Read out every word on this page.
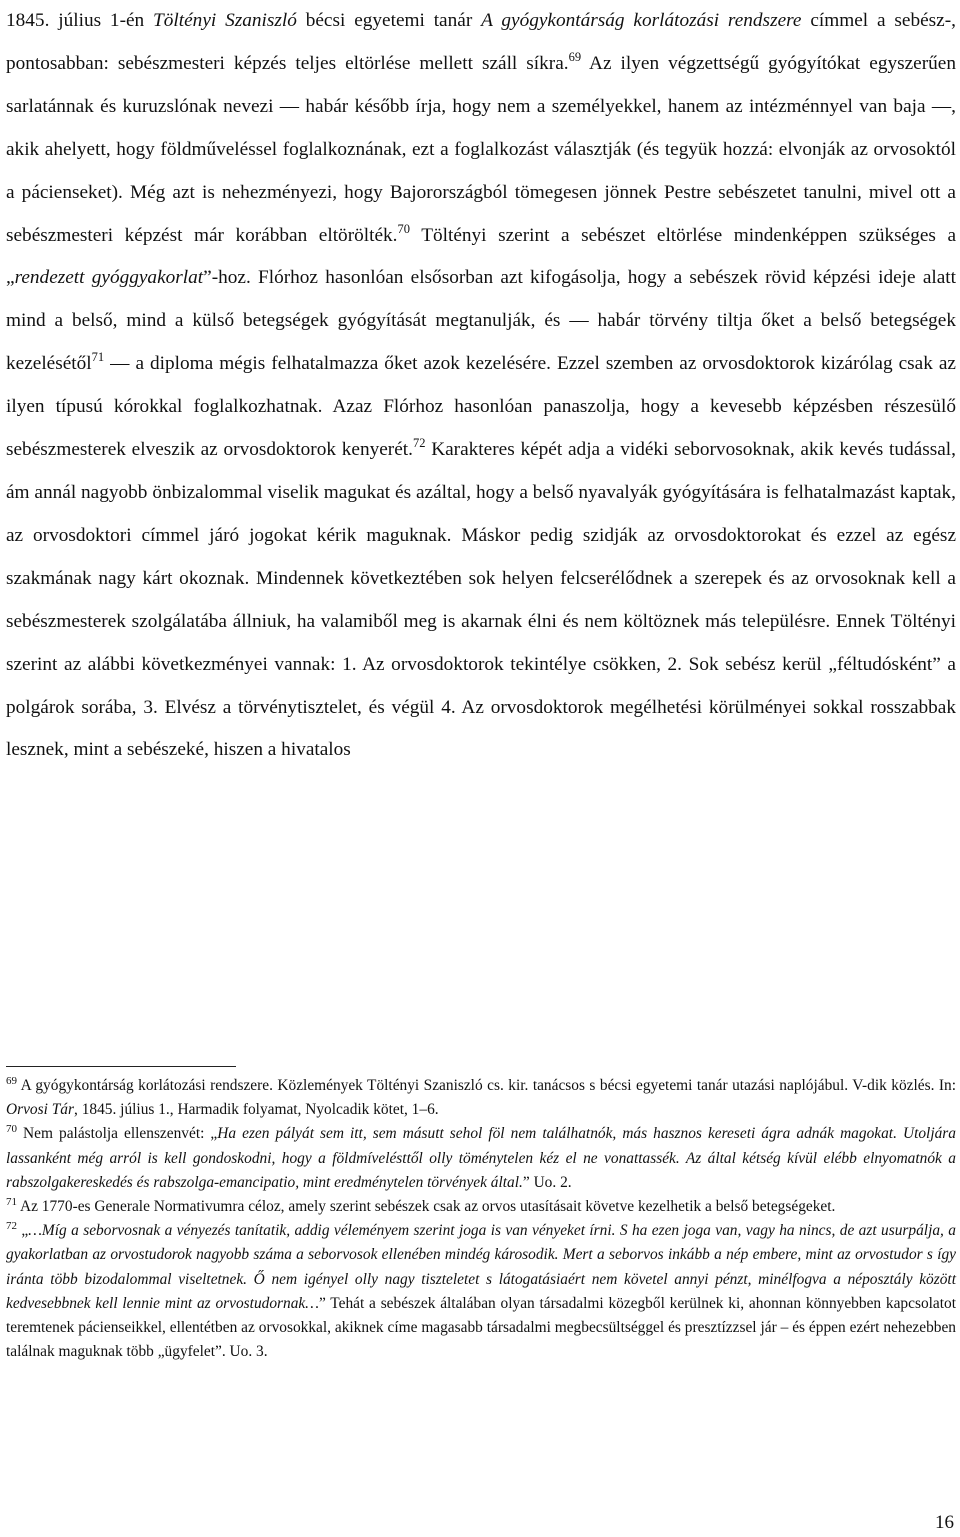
1845. július 1-én Töltényi Szaniszló bécsi egyetemi tanár A gyógykontárság korlátozási rendszere címmel a sebész-, pontosabban: sebészmesteri képzés teljes eltörlése mellett száll síkra.$^{69}$ Az ilyen végzettségű gyógyítókat egyszerűen sarlatánnak és kuruzslónak nevezi — habár később írja, hogy nem a személyekkel, hanem az intézménnyel van baja —, akik ahelyett, hogy földműveléssel foglalkoznának, ezt a foglalkozást választják (és tegyük hozzá: elvonják az orvosoktól a pácienseket). Még azt is nehezményezi, hogy Bajorországból tömegesen jönnek Pestre sebészetet tanulni, mivel ott a sebészmesteri képzést már korábban eltörölték.$^{70}$ Töltényi szerint a sebészet eltörlése mindenképpen szükséges a „rendezett gyóggyakorlat”-hoz. Flórhoz hasonlóan elsősorban azt kifogásolja, hogy a sebészek rövid képzési ideje alatt mind a belső, mind a külső betegségek gyógyítását megtanulják, és — habár törvény tiltja őket a belső betegségek kezelésétől$^{71}$ — a diploma mégis felhatalmazza őket azok kezelésére. Ezzel szemben az orvosdoktorok kizárólag csak az ilyen típusú kórokkal foglalkozhatnak. Azaz Flórhoz hasonlóan panaszolja, hogy a kevesebb képzésben részesülő sebészmesterek elveszik az orvosdoktorok kenyerét.$^{72}$ Karakteres képét adja a vidéki seborvosoknak, akik kevés tudással, ám annál nagyobb önbizalommal viselik magukat és azáltal, hogy a belső nyavalyák gyógyítására is felhatalmazást kaptak, az orvosdoktori címmel járó jogokat kérik maguknak. Máskor pedig szidják az orvosdoktorokat és ezzel az egész szakmának nagy kárt okoznak. Mindennek következtében sok helyen felcserélődnek a szerepek és az orvosoknak kell a sebészmesterek szolgálatába állniuk, ha valamiből meg is akarnak élni és nem költöznek más településre. Ennek Töltényi szerint az alábbi következményei vannak: 1. Az orvosdoktorok tekintélye csökken, 2. Sok sebész kerül „féltudósként” a polgárok sorába, 3. Elvész a törvénytisztelet, és végül 4. Az orvosdoktorok megélhetési körülményei sokkal rosszabbak lesznek, mint a sebészeké, hiszen a hivatalos

$^{69}$ A gyógykontárság korlátozási rendszere. Közlemények Töltényi Szaniszló cs. kir. tanácsos s bécsi egyetemi tanár utazási naplójábul. V-dik közlés. In: Orvosi Tár, 1845. július 1., Harmadik folyamat, Nyolcadik kötet, 1–6.

$^{70}$ Nem palástolja ellenszenvét: „Ha ezen pályát sem itt, sem másutt sehol föl nem találhatnók, más hasznos kereseti ágra adnák magokat. Utoljára lassanként még arról is kell gondoskodni, hogy a földmívelésttől olly töménytelen kéz el ne vonattassék. Az által kétség kívül elébb elnyomatnók a rabszolgakereskedés és rabszolga-emancipatio, mint eredménytelen törvények által.” Uo. 2.

$^{71}$ Az 1770-es Generale Normativumra céloz, amely szerint sebészek csak az orvos utasításait követve kezelhetik a belső betegségeket.

$^{72}$ „…Míg a seborvosnak a vényezés tanítatik, addig véleményem szerint joga is van vényeket írni. S ha ezen joga van, vagy ha nincs, de azt usurpálja, a gyakorlatban az orvostudorok nagyobb száma a seborvosok ellenében mindég károsodik. Mert a seborvos inkább a nép embere, mint az orvostudor s így iránta több bizodalommal viseltetnek. Ő nem igényel olly nagy tiszteletet s látogatásiaért nem követel annyi pénzt, minélfogva a néposztály között kedvesebbnek kell lennie mint az orvostudornak…” Tehát a sebészek általában olyan társadalmi közegből kerülnek ki, ahonnan könnyebben kapcsolatot teremtenek pácienseikkel, ellentétben az orvosokkal, akiknek címe magasabb társadalmi megbecsültséggel és presztízzsel jár – és éppen ezért nehezebben találnak maguknak több „ügyfelet”. Uo. 3.

16
